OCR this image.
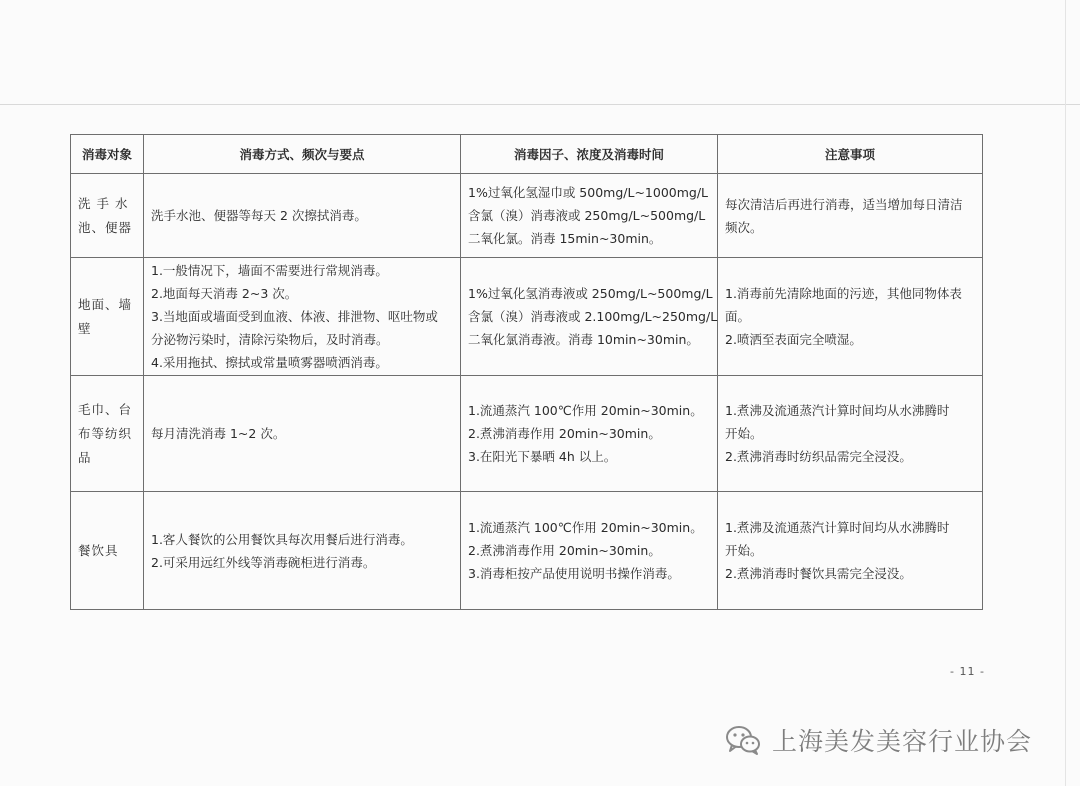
消毒对象	消毒方式、频次与要点	消毒因子、浓度及消毒时间	注意事项

洗 手 水
池、便器	洗手水池、便器等每天 2 次擦拭消毒。	1%过氧化氢湿巾或 500mg/L~1000mg/L
含氯（溴）消毒液或 250mg/L~500mg/L
二氧化氯。消毒 15min~30min。	每次清洁后再进行消毒，适当增加每日清洁
频次。

地面、墙
壁	1.一般情况下，墙面不需要进行常规消毒。
2.地面每天消毒 2~3 次。
3.当地面或墙面受到血液、体液、排泄物、呕吐物或
分泌物污染时，清除污染物后，及时消毒。
4.采用拖拭、擦拭或常量喷雾器喷洒消毒。	1%过氧化氢消毒液或 250mg/L~500mg/L
含氯（溴）消毒液或 2.100mg/L~250mg/L
二氧化氯消毒液。消毒 10min~30min。	1.消毒前先清除地面的污迹，其他同物体表
面。
2.喷洒至表面完全喷湿。

毛巾、台
布等纺织
品	每月清洗消毒 1~2 次。	1.流通蒸汽 100℃作用 20min~30min。
2.煮沸消毒作用 20min~30min。
3.在阳光下暴晒 4h 以上。	1.煮沸及流通蒸汽计算时间均从水沸腾时
开始。
2.煮沸消毒时纺织品需完全浸没。

餐饮具	1.客人餐饮的公用餐饮具每次用餐后进行消毒。
2.可采用远红外线等消毒碗柜进行消毒。	1.流通蒸汽 100℃作用 20min~30min。
2.煮沸消毒作用 20min~30min。
3.消毒柜按产品使用说明书操作消毒。	1.煮沸及流通蒸汽计算时间均从水沸腾时
开始。
2.煮沸消毒时餐饮具需完全浸没。
- 11 -
上海美发美容行业协会
